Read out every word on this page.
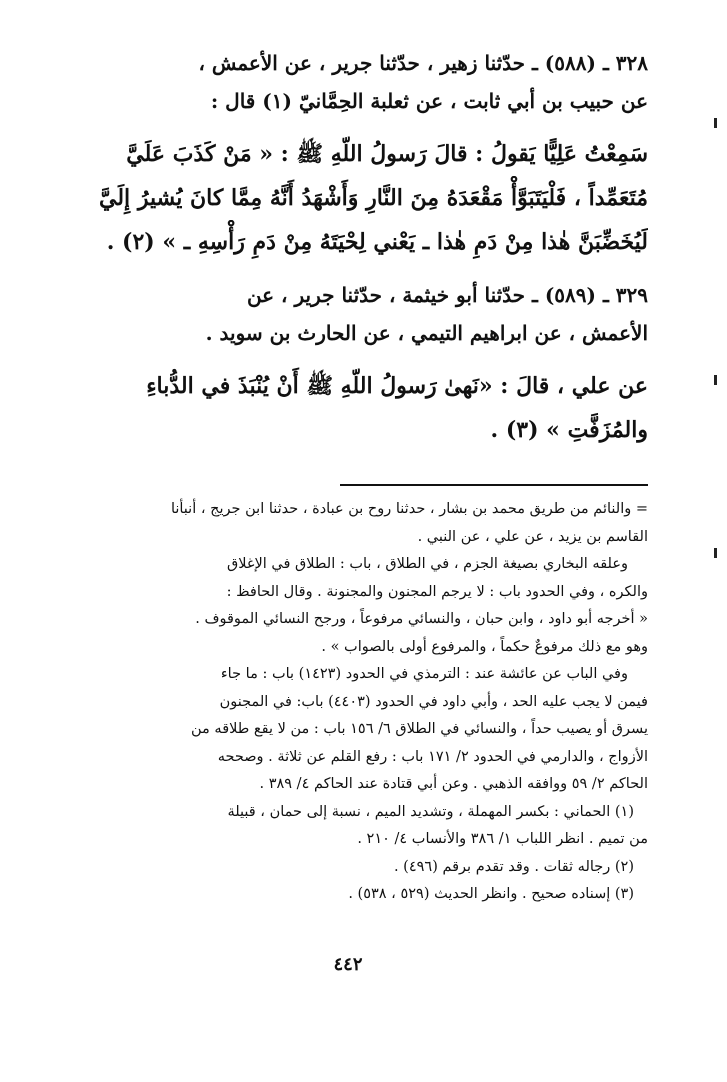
٣٢٨ ـ (٥٨٨) ـ حدّثنا زهير ، حدّثنا جرير ، عن الأعمش ،
عن حبيب بن أبي ثابت ، عن ثعلبة الحِمَّانيّ (١) قال :
سَمِعْتُ عَلِيًّا يَقولُ : قالَ رَسولُ اللّهِ ﷺ : « مَنْ كَذَبَ عَلَيَّ
مُتَعَمِّداً ، فَلْيَتَبَوَّأْ مَقْعَدَهُ مِنَ النَّارِ وَأَشْهَدُ أَنَّهُ مِمَّا كانَ يُشيرُ إِلَيَّ
لَيُخَضِّبَنَّ هٰذا مِنْ دَمِ هٰذا ـ يَعْني لِحْيَتَهُ مِنْ دَمِ رَأْسِهِ ـ » (٢) .
٣٢٩ ـ (٥٨٩) ـ حدّثنا أبو خيثمة ، حدّثنا جرير ، عن
الأعمش ، عن ابراهيم التيمي ، عن الحارث بن سويد .
عن علي ، قالَ : «نَهىٰ رَسولُ اللّهِ ﷺ أَنْ يُنْبَذَ في الدُّباءِ
والمُزَفَّتِ » (٣) .
= والنائم من طريق محمد بن بشار ، حدثنا روح بن عبادة ، حدثنا ابن جريج ، أنبأنا
القاسم بن يزيد ، عن علي ، عن النبي .
وعلقه البخاري بصيغة الجزم ، في الطلاق ، باب : الطلاق في الإغلاق
والكره ، وفي الحدود باب : لا يرجم المجنون والمجنونة . وقال الحافظ :
« أخرجه أبو داود ، وابن حبان ، والنسائي مرفوعاً ، ورجح النسائي الموقوف .
وهو مع ذلك مرفوعٌ حكماً ، والمرفوع أولى بالصواب » .
وفي الباب عن عائشة عند : الترمذي في الحدود (١٤٢٣) باب : ما جاء
فيمن لا يجب عليه الحد ، وأبي داود في الحدود (٤٤٠٣) باب: في المجنون
يسرق أو يصيب حداً ، والنسائي في الطلاق ٦/ ١٥٦ باب : من لا يقع طلاقه من
الأزواج ، والدارمي في الحدود ٢/ ١٧١ باب : رفع القلم عن ثلاثة . وصححه
الحاكم ٢/ ٥٩ ووافقه الذهبي . وعن أبي قتادة عند الحاكم ٤/ ٣٨٩ .
(١) الحماني : بكسر المهملة ، وتشديد الميم ، نسبة إلى حمان ، قبيلة
من تميم . انظر اللباب ١/ ٣٨٦ والأنساب ٤/ ٢١٠ .
(٢) رجاله ثقات . وقد تقدم برقم (٤٩٦) .
(٣) إسناده صحيح . وانظر الحديث (٥٢٩ ، ٥٣٨) .
٤٤٢
